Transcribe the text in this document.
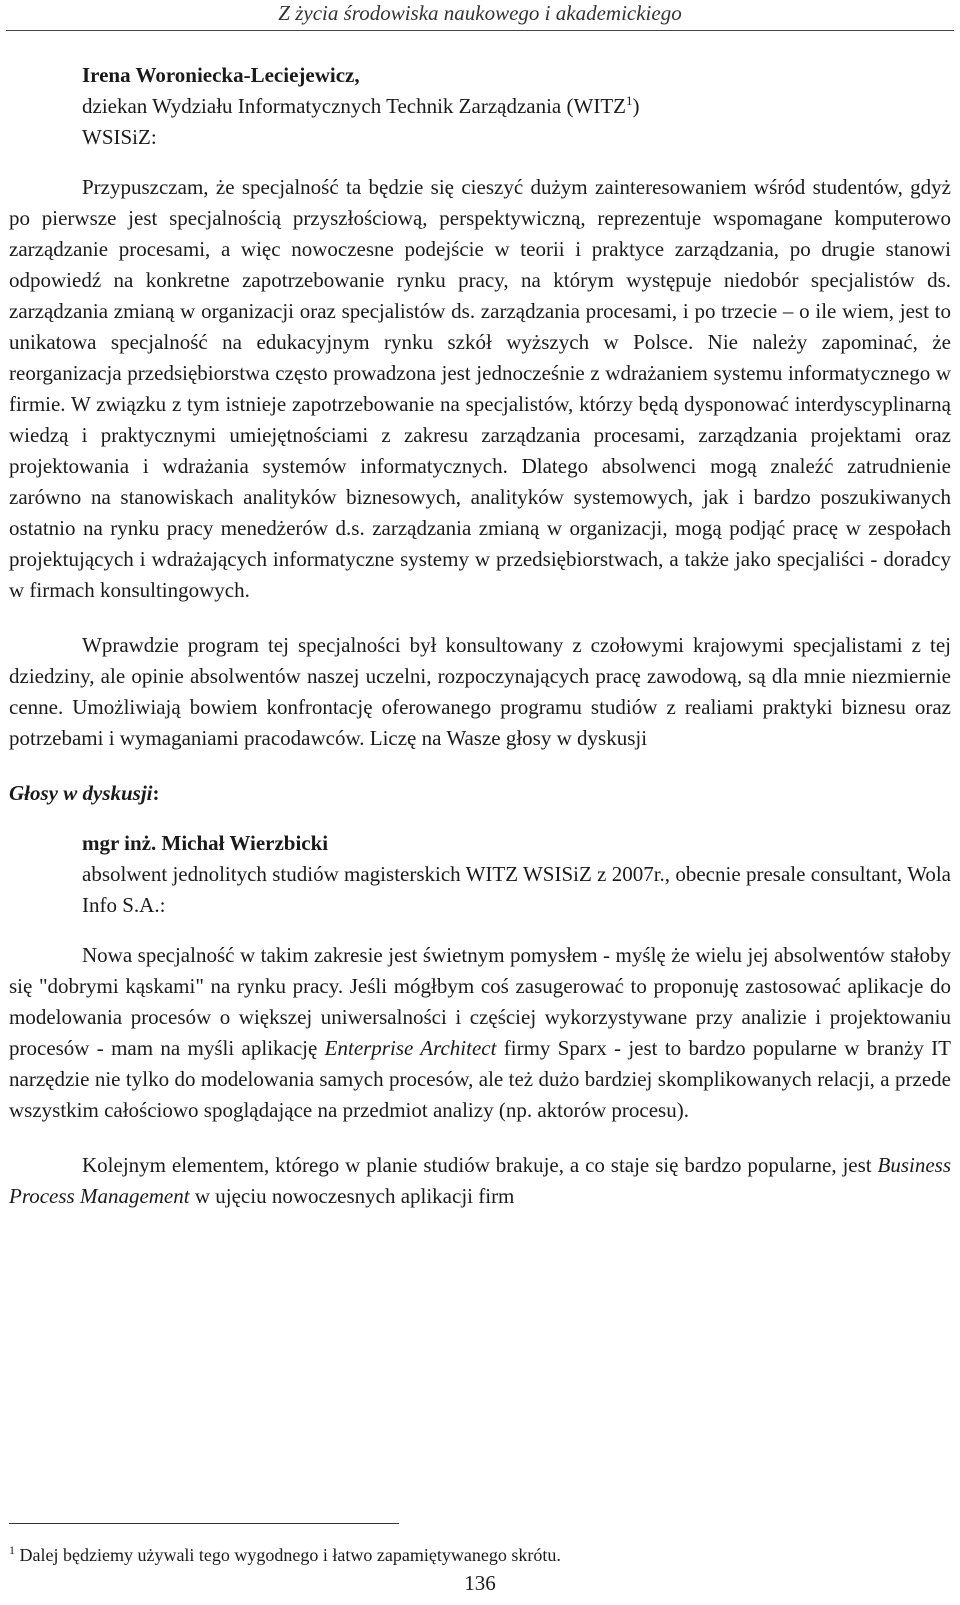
Z życia środowiska naukowego i akademickiego
Irena Woroniecka-Leciejewicz,
dziekan Wydziału Informatycznych Technik Zarządzania (WITZ$^1$)
WSISiZ:

Przypuszczam, że specjalność ta będzie się cieszyć dużym zainteresowaniem wśród studentów, gdyż po pierwsze jest specjalnością przyszłościową, perspektywiczną, reprezentuje wspomagane komputerowo zarządzanie procesami, a więc nowoczesne podejście w teorii i praktyce zarządzania, po drugie stanowi odpowiedź na konkretne zapotrzebowanie rynku pracy, na którym występuje niedobór specjalistów ds. zarządzania zmianą w organizacji oraz specjalistów ds. zarządzania procesami, i po trzecie – o ile wiem, jest to unikatowa specjalność na edukacyjnym rynku szkół wyższych w Polsce. Nie należy zapominać, że reorganizacja przedsiębiorstwa często prowadzona jest jednocześnie z wdrażaniem systemu informatycznego w firmie. W związku z tym istnieje zapotrzebowanie na specjalistów, którzy będą dysponować interdyscyplinarną wiedzą i praktycznymi umiejętnościami z zakresu zarządzania procesami, zarządzania projektami oraz projektowania i wdrażania systemów informatycznych. Dlatego absolwenci mogą znaleźć zatrudnienie zarówno na stanowiskach analityków biznesowych, analityków systemowych, jak i bardzo poszukiwanych ostatnio na rynku pracy menedżerów d.s. zarządzania zmianą w organizacji, mogą podjąć pracę w zespołach projektujących i wdrażających informatyczne systemy w przedsiębiorstwach, a także jako specjaliści - doradcy w firmach konsultingowych.

Wprawdzie program tej specjalności był konsultowany z czołowymi krajowymi specjalistami z tej dziedziny, ale opinie absolwentów naszej uczelni, rozpoczynających pracę zawodową, są dla mnie niezmiernie cenne. Umożliwiają bowiem konfrontację oferowanego programu studiów z realiami praktyki biznesu oraz potrzebami i wymaganiami pracodawców. Liczę na Wasze głosy w dyskusji

Głosy w dyskusji:

mgr inż. Michał Wierzbicki
absolwent jednolitych studiów magisterskich WITZ WSISiZ z 2007r., obecnie presale consultant, Wola Info S.A.:

Nowa specjalność w takim zakresie jest świetnym pomysłem - myślę że wielu jej absolwentów stałoby się "dobrymi kąskami" na rynku pracy. Jeśli mógłbym coś zasugerować to proponuję zastosować aplikacje do modelowania procesów o większej uniwersalności i częściej wykorzystywane przy analizie i projektowaniu procesów - mam na myśli aplikację Enterprise Architect firmy Sparx - jest to bardzo popularne w branży IT narzędzie nie tylko do modelowania samych procesów, ale też dużo bardziej skomplikowanych relacji, a przede wszystkim całościowo spoglądające na przedmiot analizy (np. aktorów procesu).

Kolejnym elementem, którego w planie studiów brakuje, a co staje się bardzo popularne, jest Business Process Management w ujęciu nowoczesnych aplikacji firm

$^1$ Dalej będziemy używali tego wygodnego i łatwo zapamiętywanego skrótu.
136
